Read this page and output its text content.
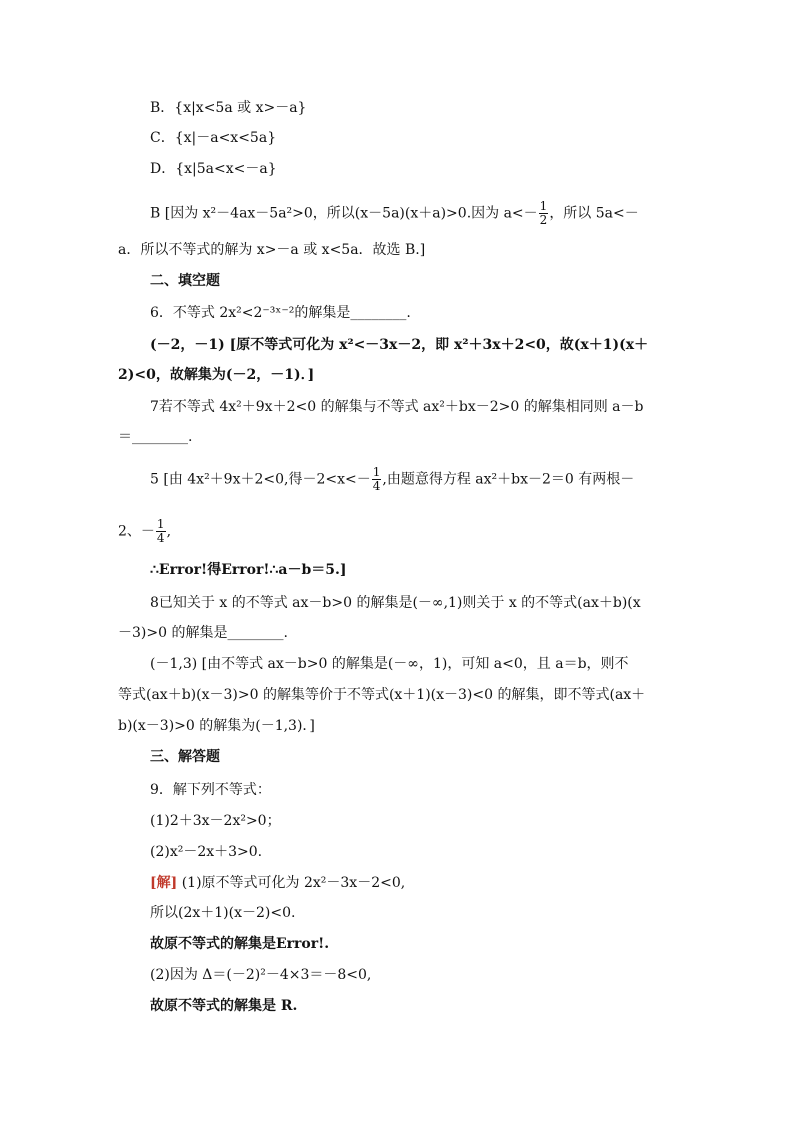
B．{x|x<5a 或 x>－a}
C．{x|－a<x<5a}
D．{x|5a<x<－a}
B [因为 x²－4ax－5a²>0，所以(x－5a)(x＋a)>0.因为 $a<- \frac{1}{2}$ ，所以 5a<－
a．所以不等式的解为 x>－a 或 x<5a．故选 B.]
二、填空题
6．不等式 2x²<2⁻³ˣ⁻²的解集是________.
(－2，－1) [原不等式可化为 x²<－3x－2，即 x²＋3x＋2<0，故(x＋1)(x＋
2)<0，故解集为(－2，－1)．]
7若不等式 4x²＋9x＋2<0 的解集与不等式 ax²＋bx－2>0 的解集相同则 a－b
＝________.
5 [由 4x²＋9x＋2<0,得$-2<x<- \frac{1}{4}$ ,由题意得方程 ax²＋bx－2＝0 有两根－
2、－ $\frac{1}{4}$ ,
∴Error!得Error!∴a－b＝5.]
8已知关于 x 的不等式 ax－b>0 的解集是(－∞,1)则关于 x 的不等式(ax＋b)(x
－3)>0 的解集是________.
(－1,3) [由不等式 ax－b>0 的解集是(－∞，1)，可知 a<0，且 a＝b，则不
等式(ax＋b)(x－3)>0 的解集等价于不等式(x＋1)(x－3)<0 的解集，即不等式(ax＋
b)(x－3)>0 的解集为(－1,3)．]
三、解答题
9．解下列不等式：
(1)2＋3x－2x²>0；
(2)x²－2x＋3>0.
[解] (1)原不等式可化为 2x²－3x－2<0,
所以(2x＋1)(x－2)<0.
故原不等式的解集是Error!.
(2)因为 Δ＝(－2)²－4×3＝－8<0,
故原不等式的解集是 R.
